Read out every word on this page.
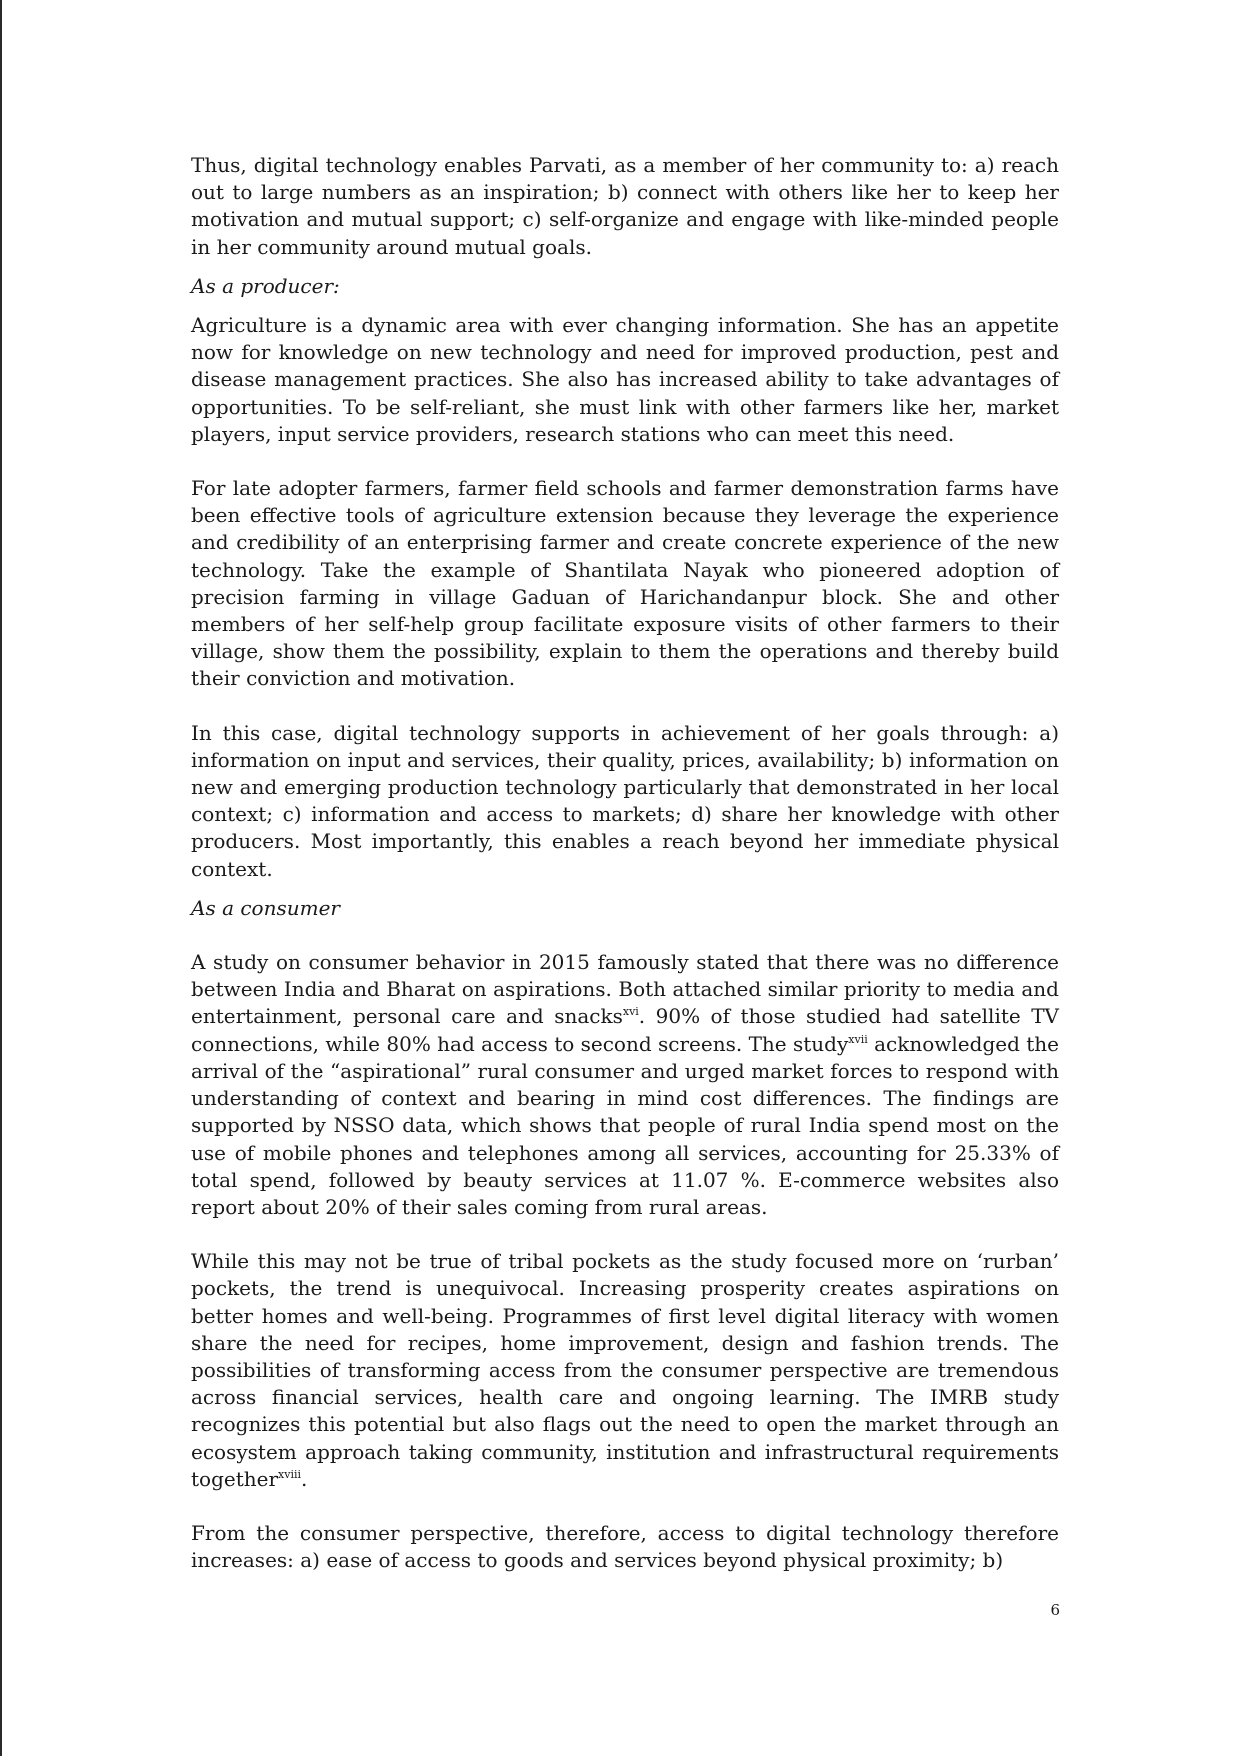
Thus, digital technology enables Parvati, as a member of her community to: a) reach out to large numbers as an inspiration; b) connect with others like her to keep her motivation and mutual support; c) self-organize and engage with like-minded people in her community around mutual goals.

As a producer:

Agriculture is a dynamic area with ever changing information. She has an appetite now for knowledge on new technology and need for improved production, pest and disease management practices. She also has increased ability to take advantages of opportunities. To be self-reliant, she must link with other farmers like her, market players, input service providers, research stations who can meet this need.

For late adopter farmers, farmer field schools and farmer demonstration farms have been effective tools of agriculture extension because they leverage the experience and credibility of an enterprising farmer and create concrete experience of the new technology. Take the example of Shantilata Nayak who pioneered adoption of precision farming in village Gaduan of Harichandanpur block. She and other members of her self-help group facilitate exposure visits of other farmers to their village, show them the possibility, explain to them the operations and thereby build their conviction and motivation.

In this case, digital technology supports in achievement of her goals through: a) information on input and services, their quality, prices, availability; b) information on new and emerging production technology particularly that demonstrated in her local context; c) information and access to markets; d) share her knowledge with other producers. Most importantly, this enables a reach beyond her immediate physical context.

As a consumer

A study on consumer behavior in 2015 famously stated that there was no difference between India and Bharat on aspirations. Both attached similar priority to media and entertainment, personal care and snacks$^{xvi}$. 90% of those studied had satellite TV connections, while 80% had access to second screens. The study$^{xvii}$ acknowledged the arrival of the “aspirational” rural consumer and urged market forces to respond with understanding of context and bearing in mind cost differences. The findings are supported by NSSO data, which shows that people of rural India spend most on the use of mobile phones and telephones among all services, accounting for 25.33% of total spend, followed by beauty services at 11.07 %. E-commerce websites also report about 20% of their sales coming from rural areas.

While this may not be true of tribal pockets as the study focused more on ‘rurban’ pockets, the trend is unequivocal. Increasing prosperity creates aspirations on better homes and well-being. Programmes of first level digital literacy with women share the need for recipes, home improvement, design and fashion trends. The possibilities of transforming access from the consumer perspective are tremendous across financial services, health care and ongoing learning. The IMRB study recognizes this potential but also flags out the need to open the market through an ecosystem approach taking community, institution and infrastructural requirements together$^{xviii}$.

From the consumer perspective, therefore, access to digital technology therefore increases: a) ease of access to goods and services beyond physical proximity; b)

6
